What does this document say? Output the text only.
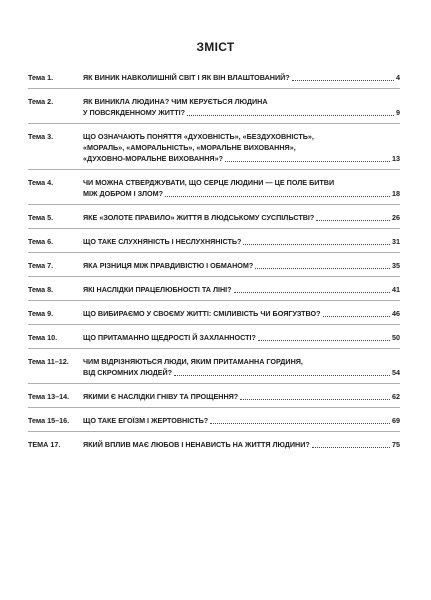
ЗМІСТ
Тема 1.	ЯК ВИНИК НАВКОЛИШНІЙ СВІТ І ЯК ВІН ВЛАШТОВАНИЙ?	4
Тема 2.	ЯК ВИНИКЛА ЛЮДИНА? ЧИМ КЕРУЄТЬСЯ ЛЮДИНА
У ПОВСЯКДЕННОМУ ЖИТТІ?	9
Тема 3.	ЩО ОЗНАЧАЮТЬ ПОНЯТТЯ «ДУХОВНІСТЬ», «БЕЗДУХОВНІСТЬ»,
«МОРАЛЬ», «АМОРАЛЬНІСТЬ», «МОРАЛЬНЕ ВИХОВАННЯ»,
«ДУХОВНО-МОРАЛЬНЕ ВИХОВАННЯ»?	13
Тема 4.	ЧИ МОЖНА СТВЕРДЖУВАТИ, ЩО СЕРЦЕ ЛЮДИНИ — ЦЕ ПОЛЕ БИТВИ
МІЖ ДОБРОМ І ЗЛОМ?	18
Тема 5.	ЯКЕ «ЗОЛОТЕ ПРАВИЛО» ЖИТТЯ В ЛЮДСЬКОМУ СУСПІЛЬСТВІ?	26
Тема 6.	ЩО ТАКЕ СЛУХНЯНІСТЬ І НЕСЛУХНЯНІСТЬ?	31
Тема 7.	ЯКА РІЗНИЦЯ МІЖ ПРАВДИВІСТЮ І ОБМАНОМ?	35
Тема 8.	ЯКІ НАСЛІДКИ ПРАЦЕЛЮБНОСТІ ТА ЛІНІ?	41
Тема 9.	ЩО ВИБИРАЄМО У СВОЄМУ ЖИТТІ: СМІЛИВІСТЬ ЧИ БОЯГУЗТВО?	46
Тема 10.	ЩО ПРИТАМАННО ЩЕДРОСТІ Й ЗАХЛАННОСТІ?	50
Тема 11–12.	ЧИМ ВІДРІЗНЯЮТЬСЯ ЛЮДИ, ЯКИМ ПРИТАМАННА ГОРДИНЯ,
ВІД СКРОМНИХ ЛЮДЕЙ?	54
Тема 13–14.	ЯКИМИ Є НАСЛІДКИ ГНІВУ ТА ПРОЩЕННЯ?	62
Тема 15–16.	ЩО ТАКЕ ЕГОЇЗМ І ЖЕРТОВНІСТЬ?	69
ТЕМА 17.	ЯКИЙ ВПЛИВ МАЄ ЛЮБОВ І НЕНАВИСТЬ НА ЖИТТЯ ЛЮДИНИ?	75
